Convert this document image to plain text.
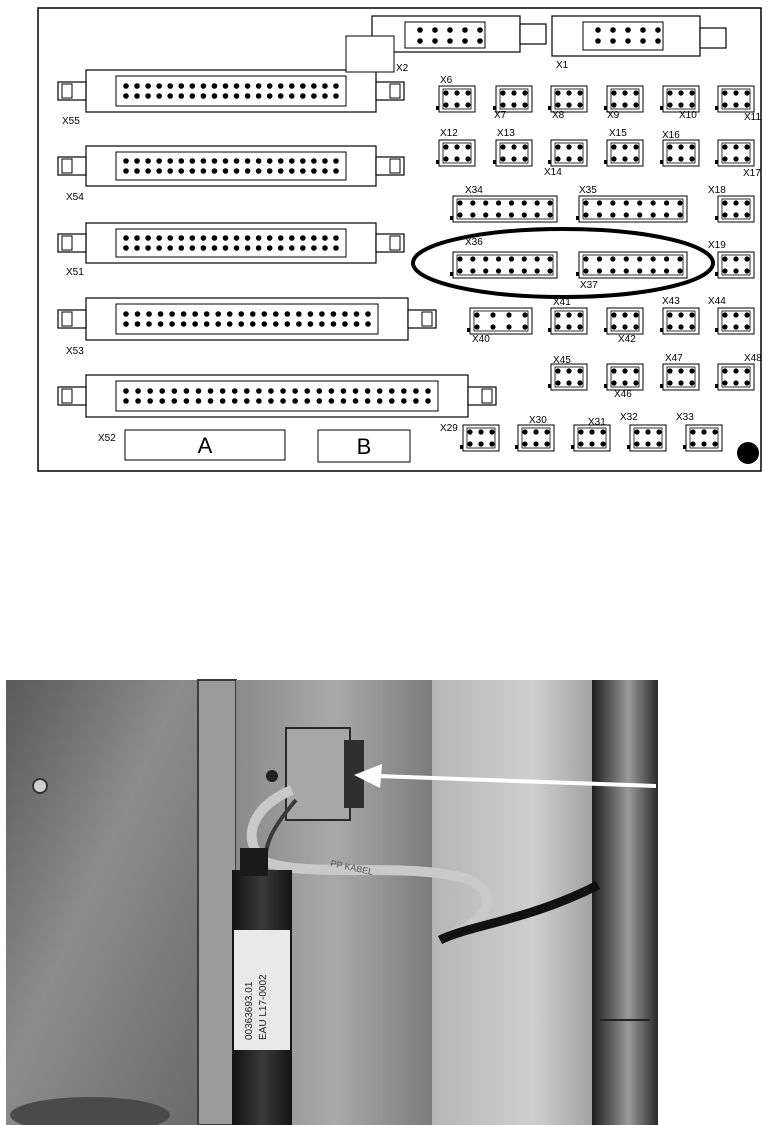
A	B
X2	X1
X55
X54
X51
X53
X52
X6
X7	X8	X9	X10	X11
X12	X13
X14
X15	X16
X17
X34	X35	X18
X36
X37
X19
X41	X43	X44
X40	X42
X45
X46
X47	X48
X29
X30	X31 X32	X33
PP KABEL
00363693.01 EAU L17-0002
